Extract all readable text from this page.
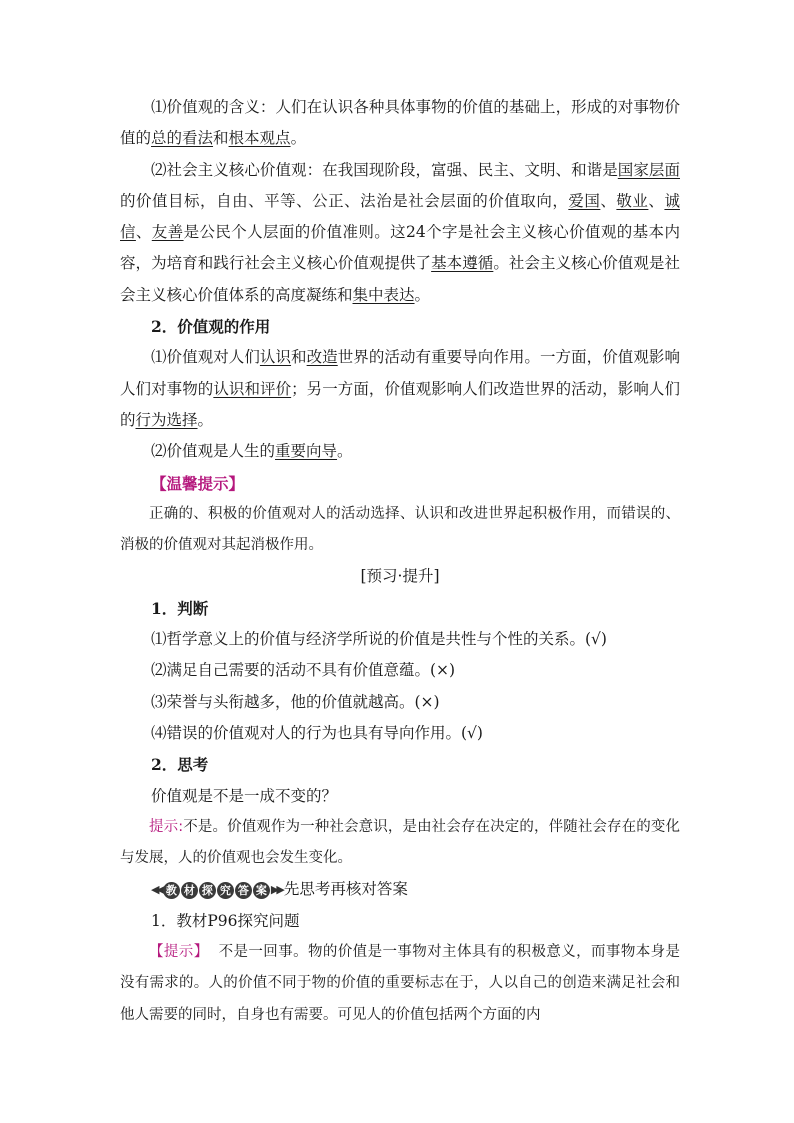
⑴价值观的含义：人们在认识各种具体事物的价值的基础上，形成的对事物价值的总的看法和根本观点。

⑵社会主义核心价值观：在我国现阶段，富强、民主、文明、和谐是国家层面的价值目标，自由、平等、公正、法治是社会层面的价值取向，爱国、敬业、诚信、友善是公民个人层面的价值准则。这24个字是社会主义核心价值观的基本内容，为培育和践行社会主义核心价值观提供了基本遵循。社会主义核心价值观是社会主义核心价值体系的高度凝练和集中表达。

2．价值观的作用

⑴价值观对人们认识和改造世界的活动有重要导向作用。一方面，价值观影响人们对事物的认识和评价；另一方面，价值观影响人们改造世界的活动，影响人们的行为选择。

⑵价值观是人生的重要向导。

【温馨提示】

正确的、积极的价值观对人的活动选择、认识和改进世界起积极作用，而错误的、消极的价值观对其起消极作用。

[预习·提升]

1．判断

⑴哲学意义上的价值与经济学所说的价值是共性与个性的关系。(√)

⑵满足自己需要的活动不具有价值意蕴。(×)

⑶荣誉与头衔越多，他的价值就越高。(×)

⑷错误的价值观对人的行为也具有导向作用。(√)

2．思考

价值观是不是一成不变的？

提示:不是。价值观作为一种社会意识，是由社会存在决定的，伴随社会存在的变化与发展，人的价值观也会发生变化。

◀◀ 教 材 探 究 答 案 ▶▶ 先思考再核对答案

1．教材P96探究问题

【提示】 不是一回事。物的价值是一事物对主体具有的积极意义，而事物本身是没有需求的。人的价值不同于物的价值的重要标志在于，人以自己的创造来满足社会和他人需要的同时，自身也有需要。可见人的价值包括两个方面的内
